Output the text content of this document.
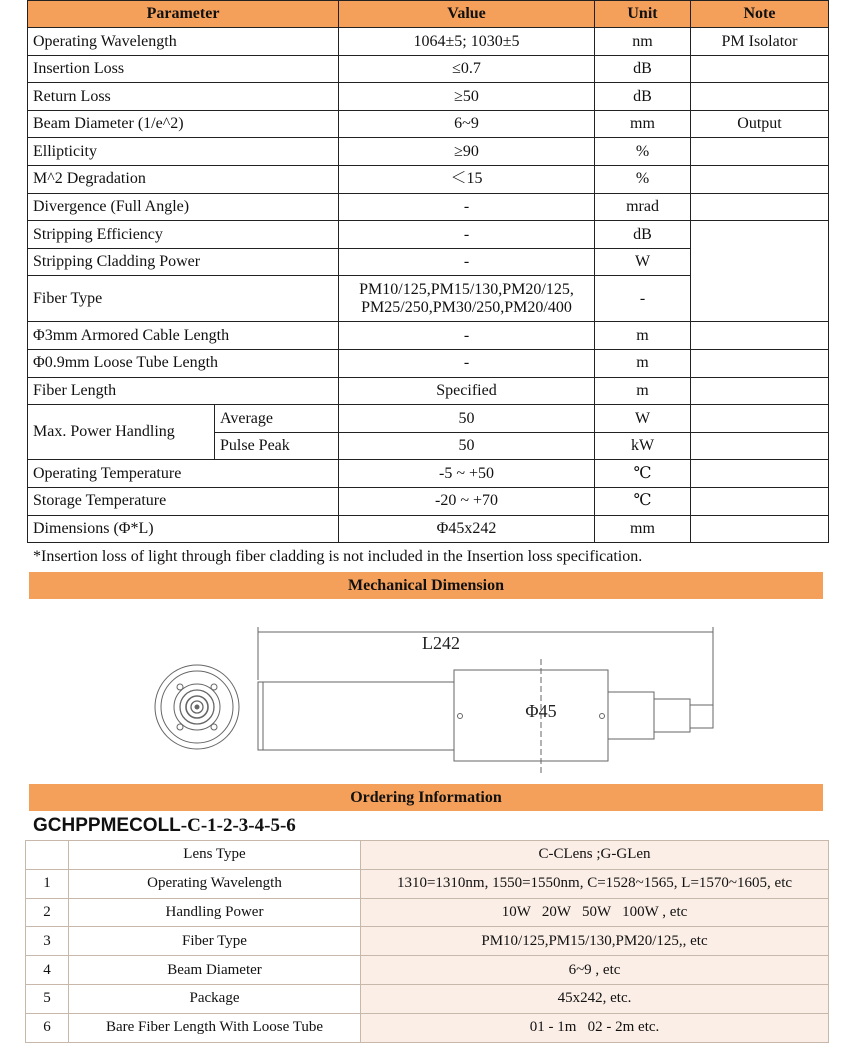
Parameter		Value	Unit	Note
Operating Wavelength		1064±5; 1030±5	nm	PM Isolator
Insertion Loss		≤0.7	dB	
Return Loss		≥50	dB	
Beam Diameter (1/e^2)		6~9	mm	Output
Ellipticity		≥90	%	
M^2 Degradation		＜15	%	
Divergence (Full Angle)		-	mrad	
Stripping Efficiency		-	dB	
Stripping Cladding Power		-	W	
Fiber Type		PM10/125,PM15/130,PM20/125,
PM25/250,PM30/250,PM20/400	-	
Φ3mm Armored Cable Length		-	m	
Φ0.9mm Loose Tube Length		-	m	
Fiber Length		Specified	m	
Max. Power Handling	Average	50	W	
	Pulse Peak	50	kW	
Operating Temperature		-5 ~ +50	℃	
Storage Temperature		-20 ~ +70	℃	
Dimensions (Φ*L)		Φ45x242	mm	
*Insertion loss of light through fiber cladding is not included in the Insertion loss specification.
Mechanical Dimension
L242
Φ45
Ordering Information
GCHPPMECOLL-C-1-2-3-4-5-6
	Lens Type	C-CLens ;G-GLen
1	Operating Wavelength	1310=1310nm, 1550=1550nm, C=1528~1565, L=1570~1605, etc
2	Handling Power	10W   20W   50W   100W , etc
3	Fiber Type	PM10/125,PM15/130,PM20/125,, etc
4	Beam Diameter	6~9 , etc
5	Package	45x242, etc.
6	Bare Fiber Length With Loose Tube	01 - 1m   02 - 2m etc.
